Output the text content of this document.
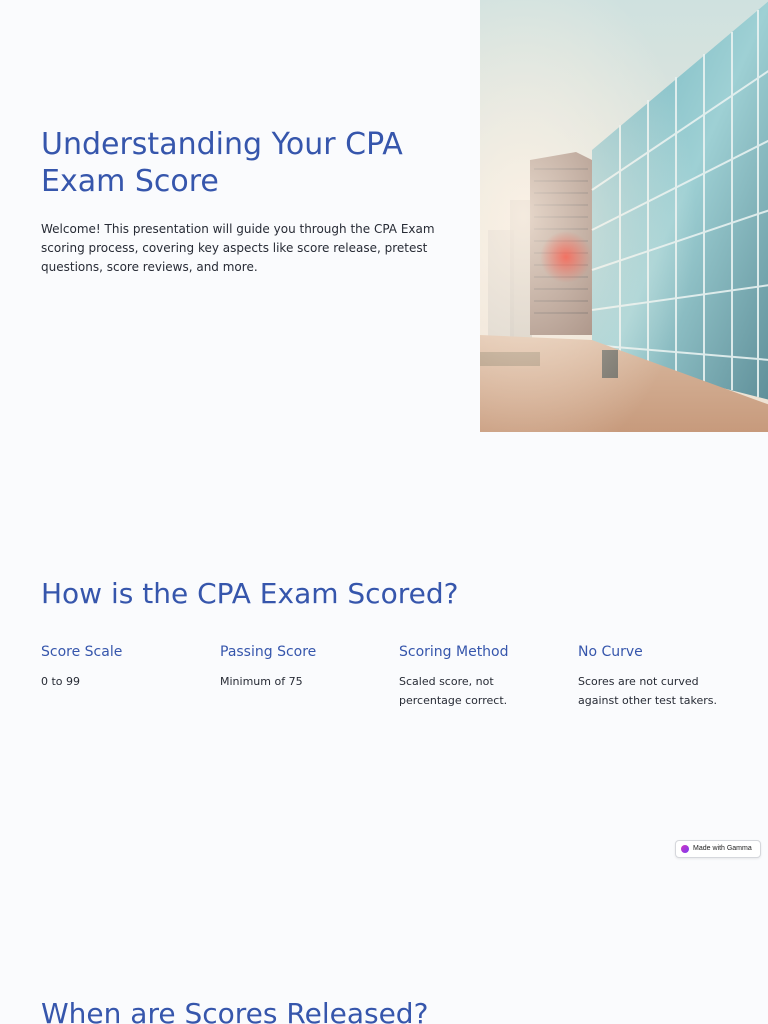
Understanding Your CPA Exam Score

Welcome! This presentation will guide you through the CPA Exam scoring process, covering key aspects like score release, pretest questions, score reviews, and more.

How is the CPA Exam Scored?
Score Scale

0 to 99

Passing Score

Minimum of 75

Scoring Method

Scaled score, not percentage correct.

No Curve

Scores are not curved against other test takers.

Made with Gamma
When are Scores Released?
